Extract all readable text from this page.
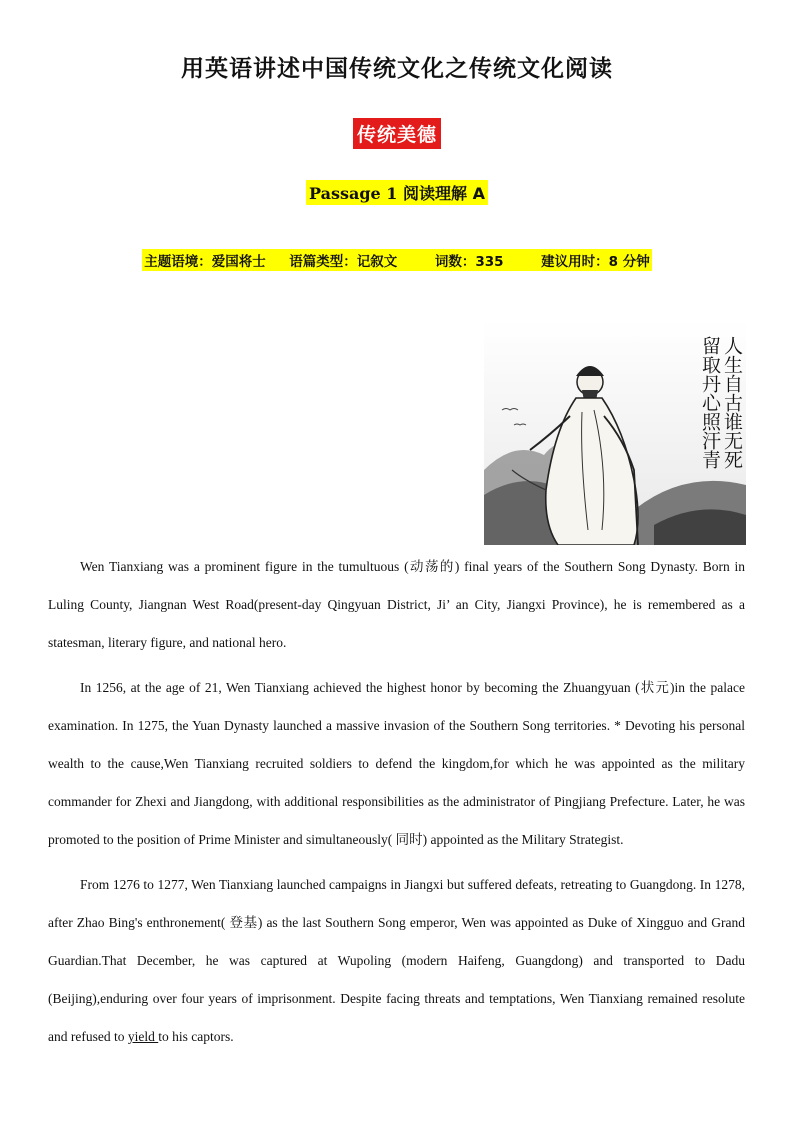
用英语讲述中国传统文化之传统文化阅读
传统美德
Passage 1 阅读理解 A
主题语境：爱国将士 语篇类型：记叙文	词数：335	建议用时：8 分钟
人生自古谁无死
留取丹心照汗青

Wen Tianxiang was a prominent figure in the tumultuous (动荡的) final years of the Southern Song Dynasty. Born in Luling County, Jiangnan West Road(present-day Qingyuan District, Ji’ an City, Jiangxi Province), he is remembered as a statesman, literary figure, and national hero.

In 1256, at the age of 21, Wen Tianxiang achieved the highest honor by becoming the Zhuangyuan (状元)in the palace examination. In 1275, the Yuan Dynasty launched a massive invasion of the Southern Song territories. * Devoting his personal wealth to the cause,Wen Tianxiang recruited soldiers to defend the kingdom,for which he was appointed as the military commander for Zhexi and Jiangdong, with additional responsibilities as the administrator of Pingjiang Prefecture. Later, he was promoted to the position of Prime Minister and simultaneously( 同时) appointed as the Military Strategist.

From 1276 to 1277, Wen Tianxiang launched campaigns in Jiangxi but suffered defeats, retreating to Guangdong. In 1278, after Zhao Bing's enthronement( 登基) as the last Southern Song emperor, Wen was appointed as Duke of Xingguo and Grand Guardian.That December, he was captured at Wupoling (modern Haifeng, Guangdong) and transported to Dadu (Beijing),enduring over four years of imprisonment. Despite facing threats and temptations, Wen Tianxiang remained resolute and refused to yield to his captors.
